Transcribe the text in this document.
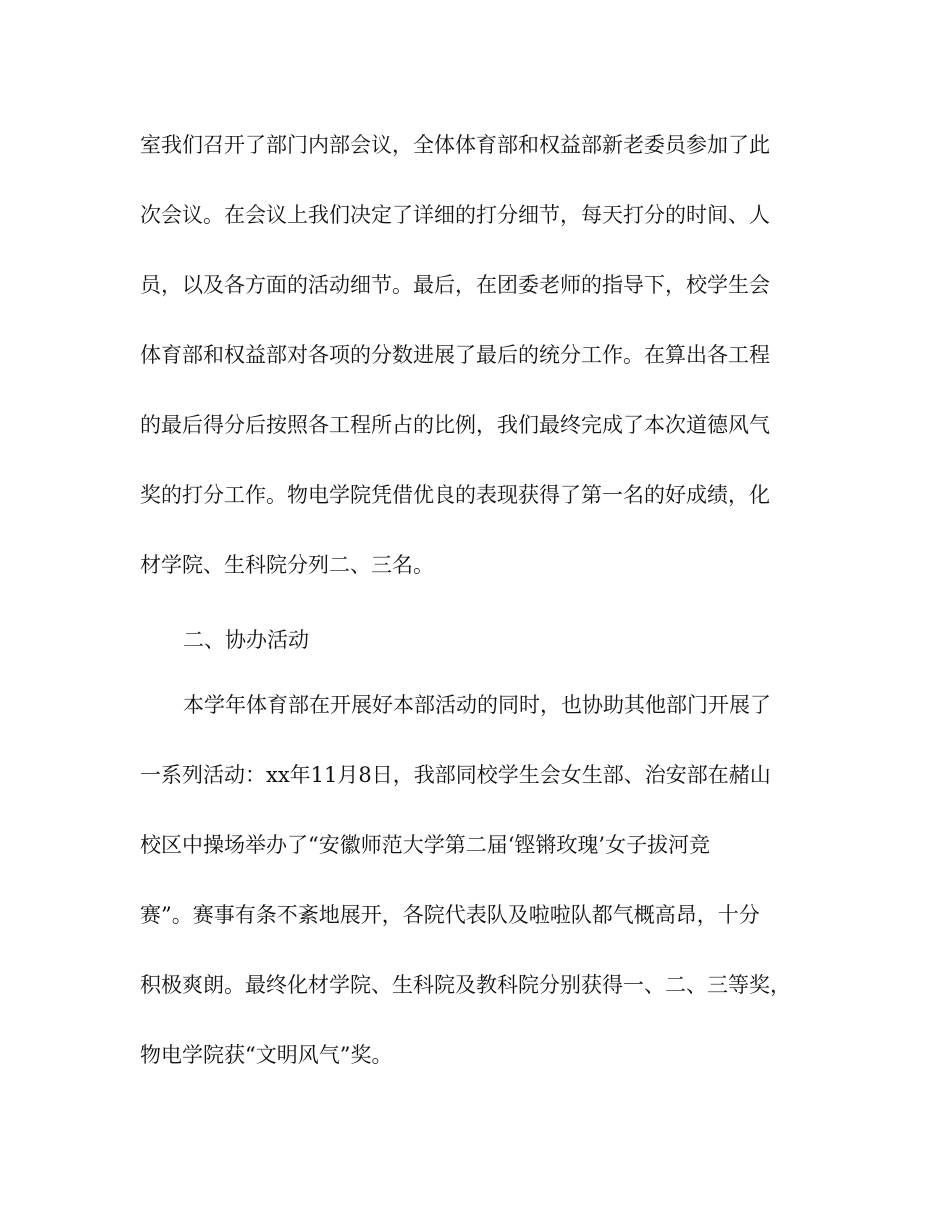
室我们召开了部门内部会议，全体体育部和权益部新老委员参加了此
次会议。在会议上我们决定了详细的打分细节，每天打分的时间、人
员，以及各方面的活动细节。最后，在团委老师的指导下，校学生会
体育部和权益部对各项的分数进展了最后的统分工作。在算出各工程
的最后得分后按照各工程所占的比例，我们最终完成了本次道德风气
奖的打分工作。物电学院凭借优良的表现获得了第一名的好成绩，化
材学院、生科院分列二、三名。
二、协办活动
本学年体育部在开展好本部活动的同时，也协助其他部门开展了
一系列活动：xx年11月8日，我部同校学生会女生部、治安部在赭山
校区中操场举办了“安徽师范大学第二届‘铿锵玫瑰’女子拔河竞
赛”。赛事有条不紊地展开，各院代表队及啦啦队都气概高昂，十分
积极爽朗。最终化材学院、生科院及教科院分别获得一、二、三等奖，
物电学院获“文明风气”奖。
